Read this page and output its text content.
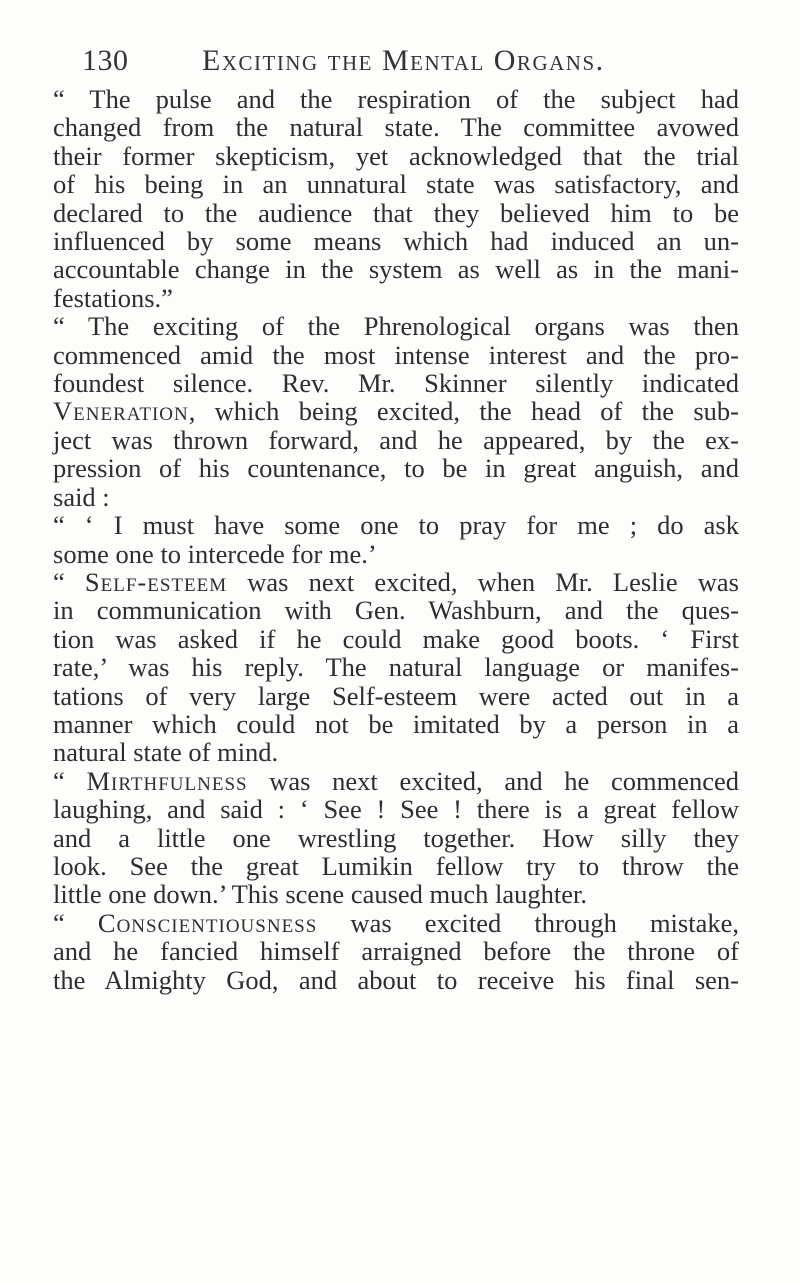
130 Exciting the Mental Organs.
“ The pulse and the respiration of the subject had
changed from the natural state. The committee avowed
their former skepticism, yet acknowledged that the trial
of his being in an unnatural state was satisfactory, and
declared to the audience that they believed him to be
influenced by some means which had induced an un-
accountable change in the system as well as in the mani-
festations.”
“ The exciting of the Phrenological organs was then
commenced amid the most intense interest and the pro-
foundest silence. Rev. Mr. Skinner silently indicated
Veneration, which being excited, the head of the sub-
ject was thrown forward, and he appeared, by the ex-
pression of his countenance, to be in great anguish, and
said :
“ ‘ I must have some one to pray for me ; do ask
some one to intercede for me.’
“ Self-esteem was next excited, when Mr. Leslie was
in communication with Gen. Washburn, and the ques-
tion was asked if he could make good boots. ‘ First
rate,’ was his reply. The natural language or manifes-
tations of very large Self-esteem were acted out in a
manner which could not be imitated by a person in a
natural state of mind.
“ Mirthfulness was next excited, and he commenced
laughing, and said : ‘ See ! See ! there is a great fellow
and a little one wrestling together. How silly they
look. See the great Lumikin fellow try to throw the
little one down.’ This scene caused much laughter.
“ Conscientiousness was excited through mistake,
and he fancied himself arraigned before the throne of
the Almighty God, and about to receive his final sen-
